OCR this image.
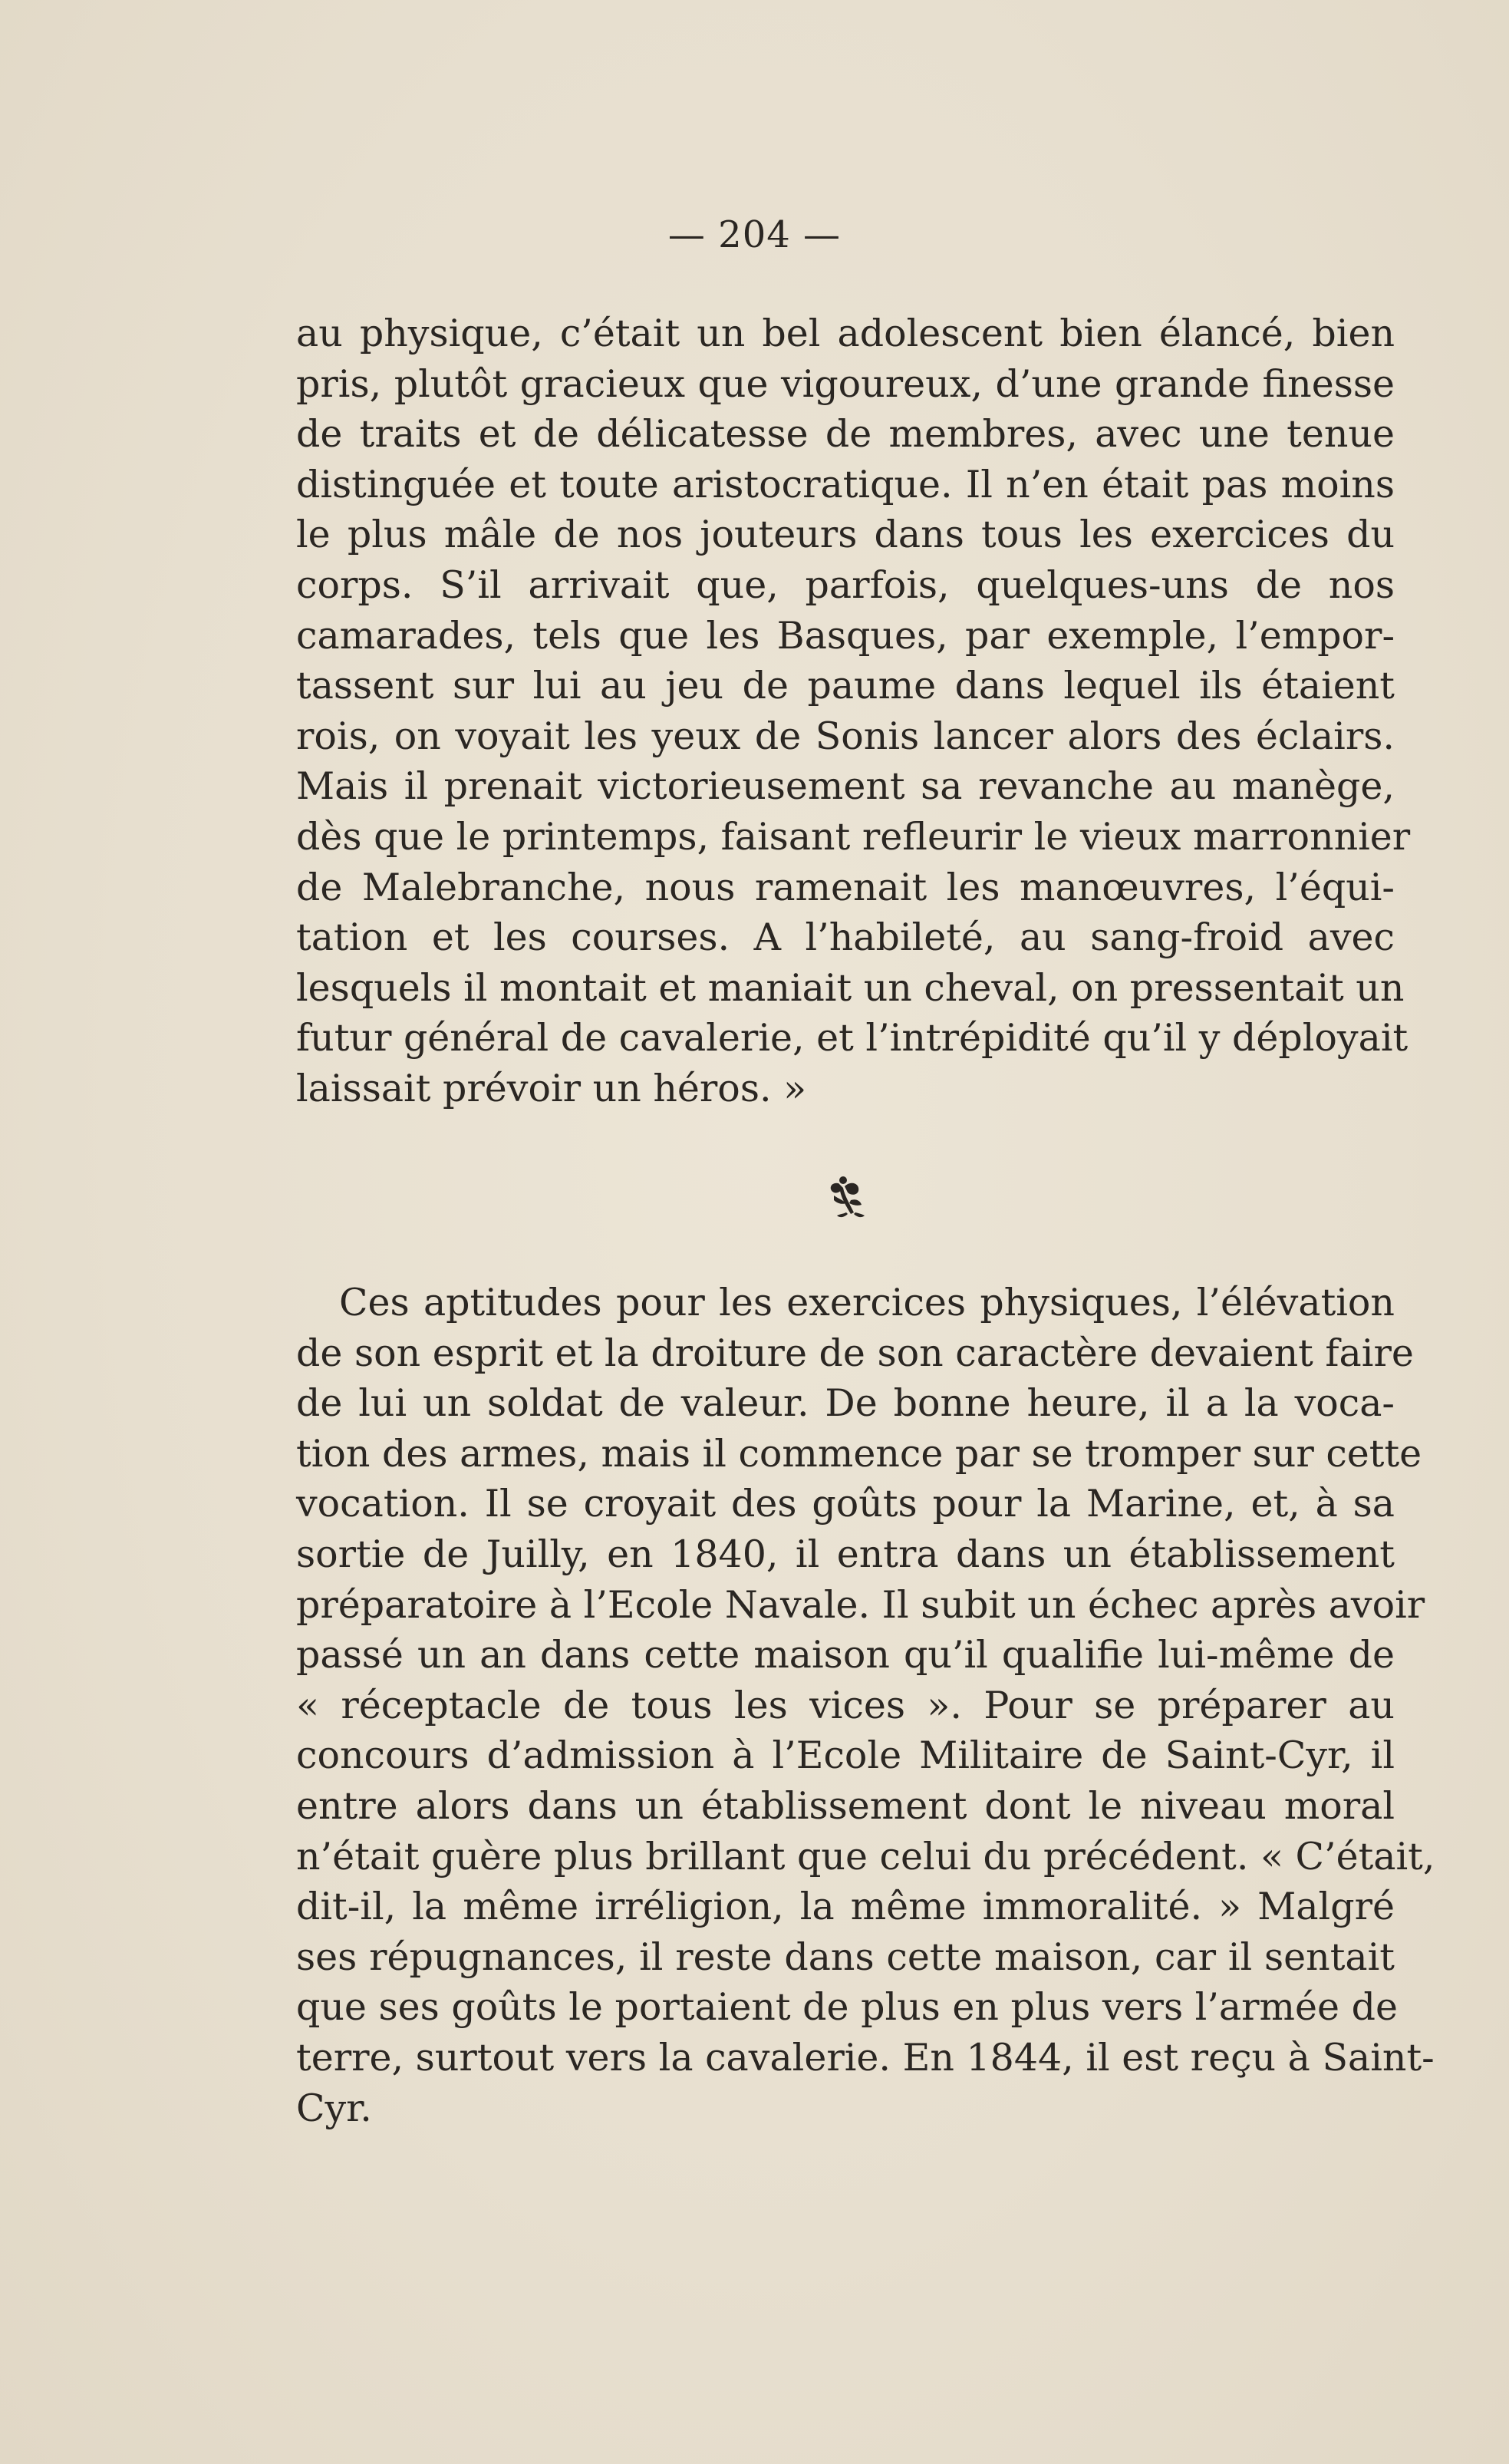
— 204 —
au physique, c’était un bel adolescent bien élancé, bien
pris, plutôt gracieux que vigoureux, d’une grande finesse
de traits et de délicatesse de membres, avec une tenue
distinguée et toute aristocratique. Il n’en était pas moins
le plus mâle de nos jouteurs dans tous les exercices du
corps. S’il arrivait que, parfois, quelques-uns de nos
camarades, tels que les Basques, par exemple, l’empor-
tassent sur lui au jeu de paume dans lequel ils étaient
rois, on voyait les yeux de Sonis lancer alors des éclairs.
Mais il prenait victorieusement sa revanche au manège,
dès que le printemps, faisant refleurir le vieux marronnier
de Malebranche, nous ramenait les manœuvres, l’équi-
tation et les courses. A l’habileté, au sang-froid avec
lesquels il montait et maniait un cheval, on pressentait un
futur général de cavalerie, et l’intrépidité qu’il y déployait
laissait prévoir un héros. »
Ces aptitudes pour les exercices physiques, l’élévation
de son esprit et la droiture de son caractère devaient faire
de lui un soldat de valeur. De bonne heure, il a la voca-
tion des armes, mais il commence par se tromper sur cette
vocation. Il se croyait des goûts pour la Marine, et, à sa
sortie de Juilly, en 1840, il entra dans un établissement
préparatoire à l’Ecole Navale. Il subit un échec après avoir
passé un an dans cette maison qu’il qualifie lui-même de
« réceptacle de tous les vices ». Pour se préparer au
concours d’admission à l’Ecole Militaire de Saint-Cyr, il
entre alors dans un établissement dont le niveau moral
n’était guère plus brillant que celui du précédent. « C’était,
dit-il, la même irréligion, la même immoralité. » Malgré
ses répugnances, il reste dans cette maison, car il sentait
que ses goûts le portaient de plus en plus vers l’armée de
terre, surtout vers la cavalerie. En 1844, il est reçu à Saint-
Cyr.
